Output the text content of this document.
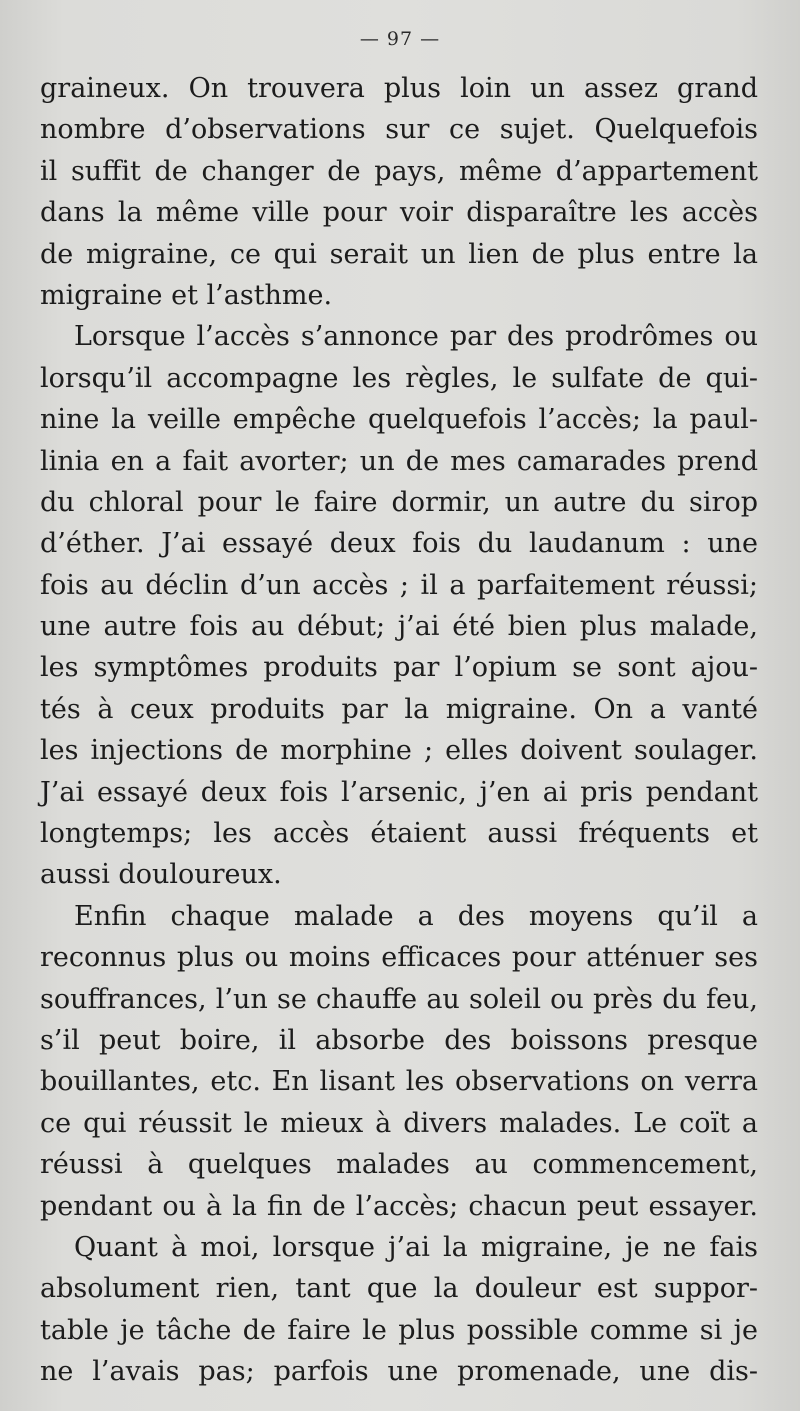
— 97 —
graineux. On trouvera plus loin un assez grand
nombre d’observations sur ce sujet. Quelquefois
il suffit de changer de pays, même d’appartement
dans la même ville pour voir disparaître les accès
de migraine, ce qui serait un lien de plus entre la
migraine et l’asthme.
Lorsque l’accès s’annonce par des prodrômes ou
lorsqu’il accompagne les règles, le sulfate de qui-
nine la veille empêche quelquefois l’accès; la paul-
linia en a fait avorter; un de mes camarades prend
du chloral pour le faire dormir, un autre du sirop
d’éther. J’ai essayé deux fois du laudanum : une
fois au déclin d’un accès ; il a parfaitement réussi;
une autre fois au début; j’ai été bien plus malade,
les symptômes produits par l’opium se sont ajou-
tés à ceux produits par la migraine. On a vanté
les injections de morphine ; elles doivent soulager.
J’ai essayé deux fois l’arsenic, j’en ai pris pendant
longtemps; les accès étaient aussi fréquents et
aussi douloureux.
Enfin chaque malade a des moyens qu’il a
reconnus plus ou moins efficaces pour atténuer ses
souffrances, l’un se chauffe au soleil ou près du feu,
s’il peut boire, il absorbe des boissons presque
bouillantes, etc. En lisant les observations on verra
ce qui réussit le mieux à divers malades. Le coït a
réussi à quelques malades au commencement,
pendant ou à la fin de l’accès; chacun peut essayer.
Quant à moi, lorsque j’ai la migraine, je ne fais
absolument rien, tant que la douleur est suppor-
table je tâche de faire le plus possible comme si je
ne l’avais pas; parfois une promenade, une dis-
